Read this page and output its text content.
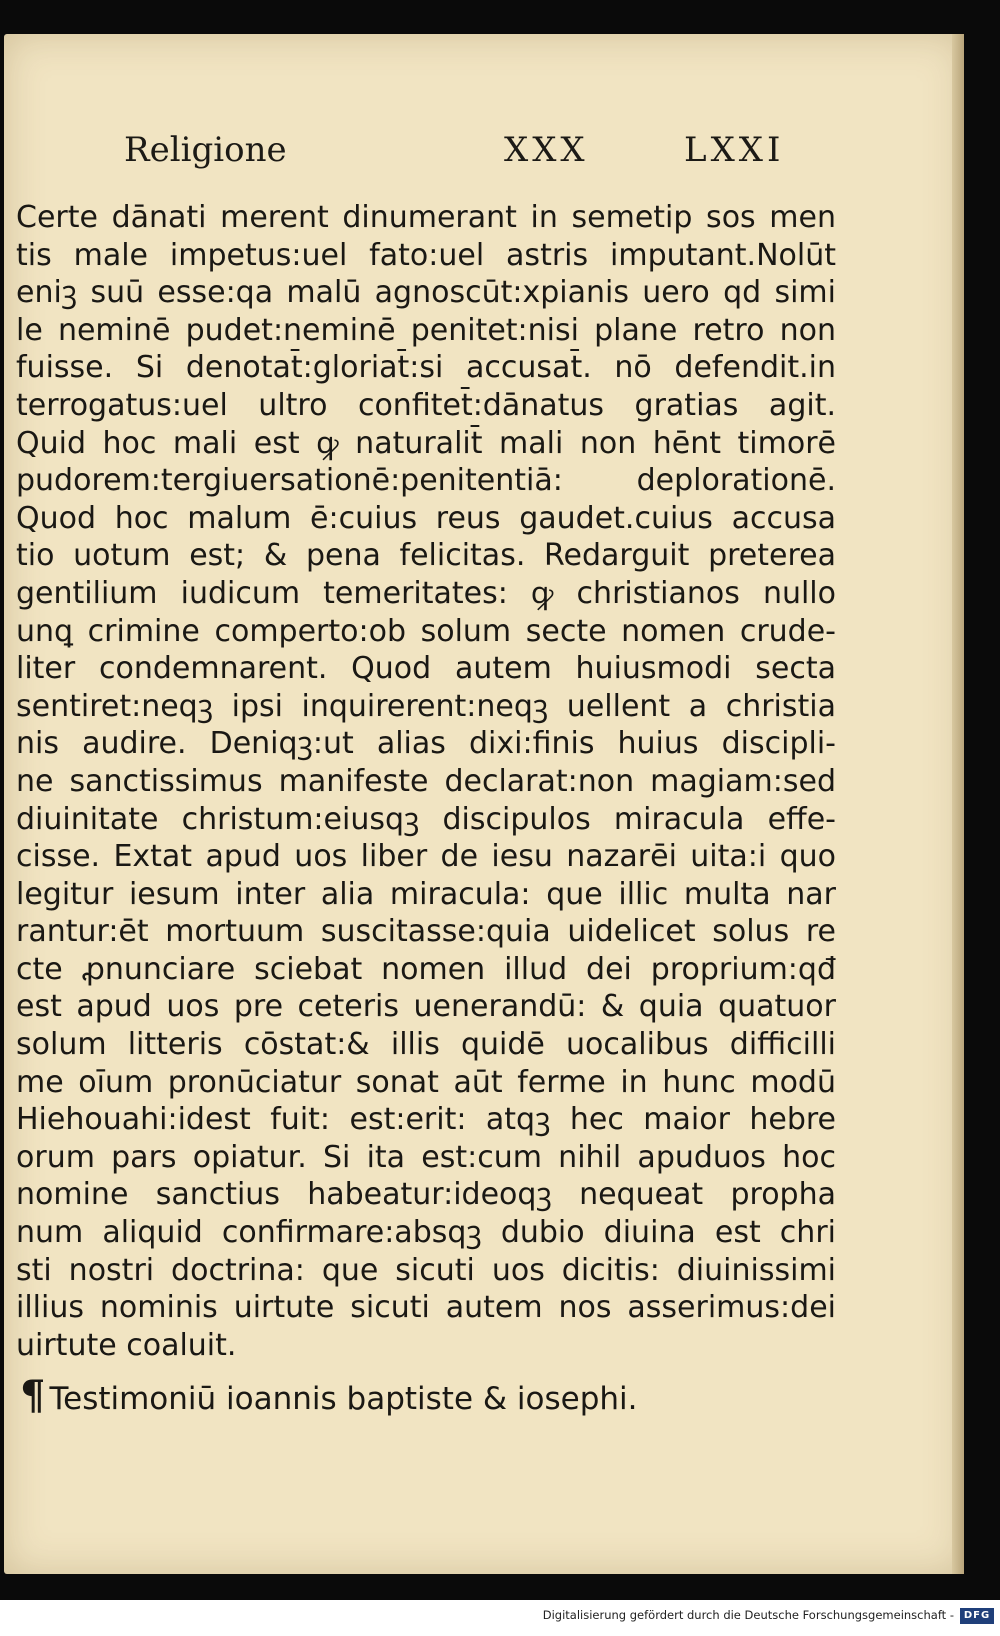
Religione	XXX	LXXI
Certe dānati merent dinumerant in semetip sos men
tis male impetus:uel fato:uel astris imputant.Nolūt
eniꝫ suū esse:qa malū agnoscūt:xpianis uero qd simi
le neminē pudet:neminē penitet:nisi plane retro non
fuisse. Si denotat̄:gloriat̄:si accusat̄. nō defendit.in
terrogatus:uel ultro confitet̄:dānatus gratias agit.
Quid hoc mali est ꝙ naturalit̄ mali non hēnt timorē
pudorem:tergiuersationē:penitentiā: deplorationē.
Quod hoc malum ē:cuius reus gaudet.cuius accusa
tio uotum est; & pena felicitas. Redarguit preterea
gentilium iudicum temeritates: ꝙ christianos nullo
unꝗ crimine comperto:ob solum secte nomen crude-
liter condemnarent. Quod autem huiusmodi secta
sentiret:neqꝫ ipsi inquirerent:neqꝫ uellent a christia
nis audire. Deniqꝫ:ut alias dixi:finis huius discipli-
ne sanctissimus manifeste declarat:non magiam:sed
diuinitate christum:eiusqꝫ discipulos miracula effe-
cisse. Extat apud uos liber de iesu nazarēi uita:i quo
legitur iesum inter alia miracula: que illic multa nar
rantur:ēt mortuum suscitasse:quia uidelicet solus re
cte ꝓnunciare sciebat nomen illud dei proprium:qđ
est apud uos pre ceteris uenerandū: & quia quatuor
solum litteris cōstat:& illis quidē uocalibus difficilli
me oīum pronūciatur sonat aūt ferme in hunc modū
Hiehouahi:idest fuit: est:erit: atqꝫ hec maior hebre
orum pars opiatur. Si ita est:cum nihil apuduos hoc
nomine sanctius habeatur:ideoqꝫ nequeat propha
num aliquid confirmare:absqꝫ dubio diuina est chri
sti nostri doctrina: que sicuti uos dicitis: diuinissimi
illius nominis uirtute sicuti autem nos asserimus:dei
uirtute coaluit.
¶ Testimoniū ioannis baptiste & iosephi.
Digitalisierung gefördert durch die Deutsche Forschungsgemeinschaft - DFG
